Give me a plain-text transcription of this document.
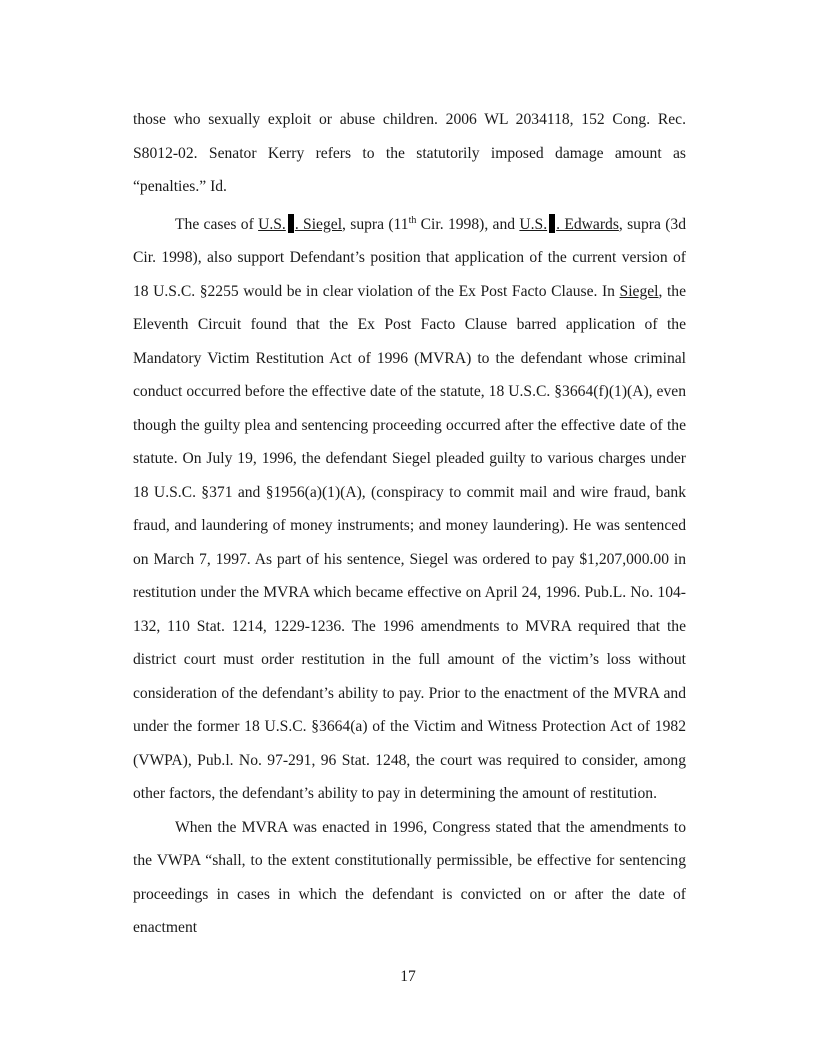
those who sexually exploit or abuse children. 2006 WL 2034118, 152 Cong. Rec. S8012-02. Senator Kerry refers to the statutorily imposed damage amount as “penalties.” Id.

The cases of U.S. . Siegel, supra (11th Cir. 1998), and U.S. . Edwards, supra (3d Cir. 1998), also support Defendant’s position that application of the current version of 18 U.S.C. §2255 would be in clear violation of the Ex Post Facto Clause. In Siegel, the Eleventh Circuit found that the Ex Post Facto Clause barred application of the Mandatory Victim Restitution Act of 1996 (MVRA) to the defendant whose criminal conduct occurred before the effective date of the statute, 18 U.S.C. §3664(f)(1)(A), even though the guilty plea and sentencing proceeding occurred after the effective date of the statute. On July 19, 1996, the defendant Siegel pleaded guilty to various charges under 18 U.S.C. §371 and §1956(a)(1)(A), (conspiracy to commit mail and wire fraud, bank fraud, and laundering of money instruments; and money laundering). He was sentenced on March 7, 1997. As part of his sentence, Siegel was ordered to pay $1,207,000.00 in restitution under the MVRA which became effective on April 24, 1996. Pub.L. No. 104-132, 110 Stat. 1214, 1229-1236. The 1996 amendments to MVRA required that the district court must order restitution in the full amount of the victim’s loss without consideration of the defendant’s ability to pay. Prior to the enactment of the MVRA and under the former 18 U.S.C. §3664(a) of the Victim and Witness Protection Act of 1982 (VWPA), Pub.l. No. 97-291, 96 Stat. 1248, the court was required to consider, among other factors, the defendant’s ability to pay in determining the amount of restitution.

When the MVRA was enacted in 1996, Congress stated that the amendments to the VWPA “shall, to the extent constitutionally permissible, be effective for sentencing proceedings in cases in which the defendant is convicted on or after the date of enactment

17
